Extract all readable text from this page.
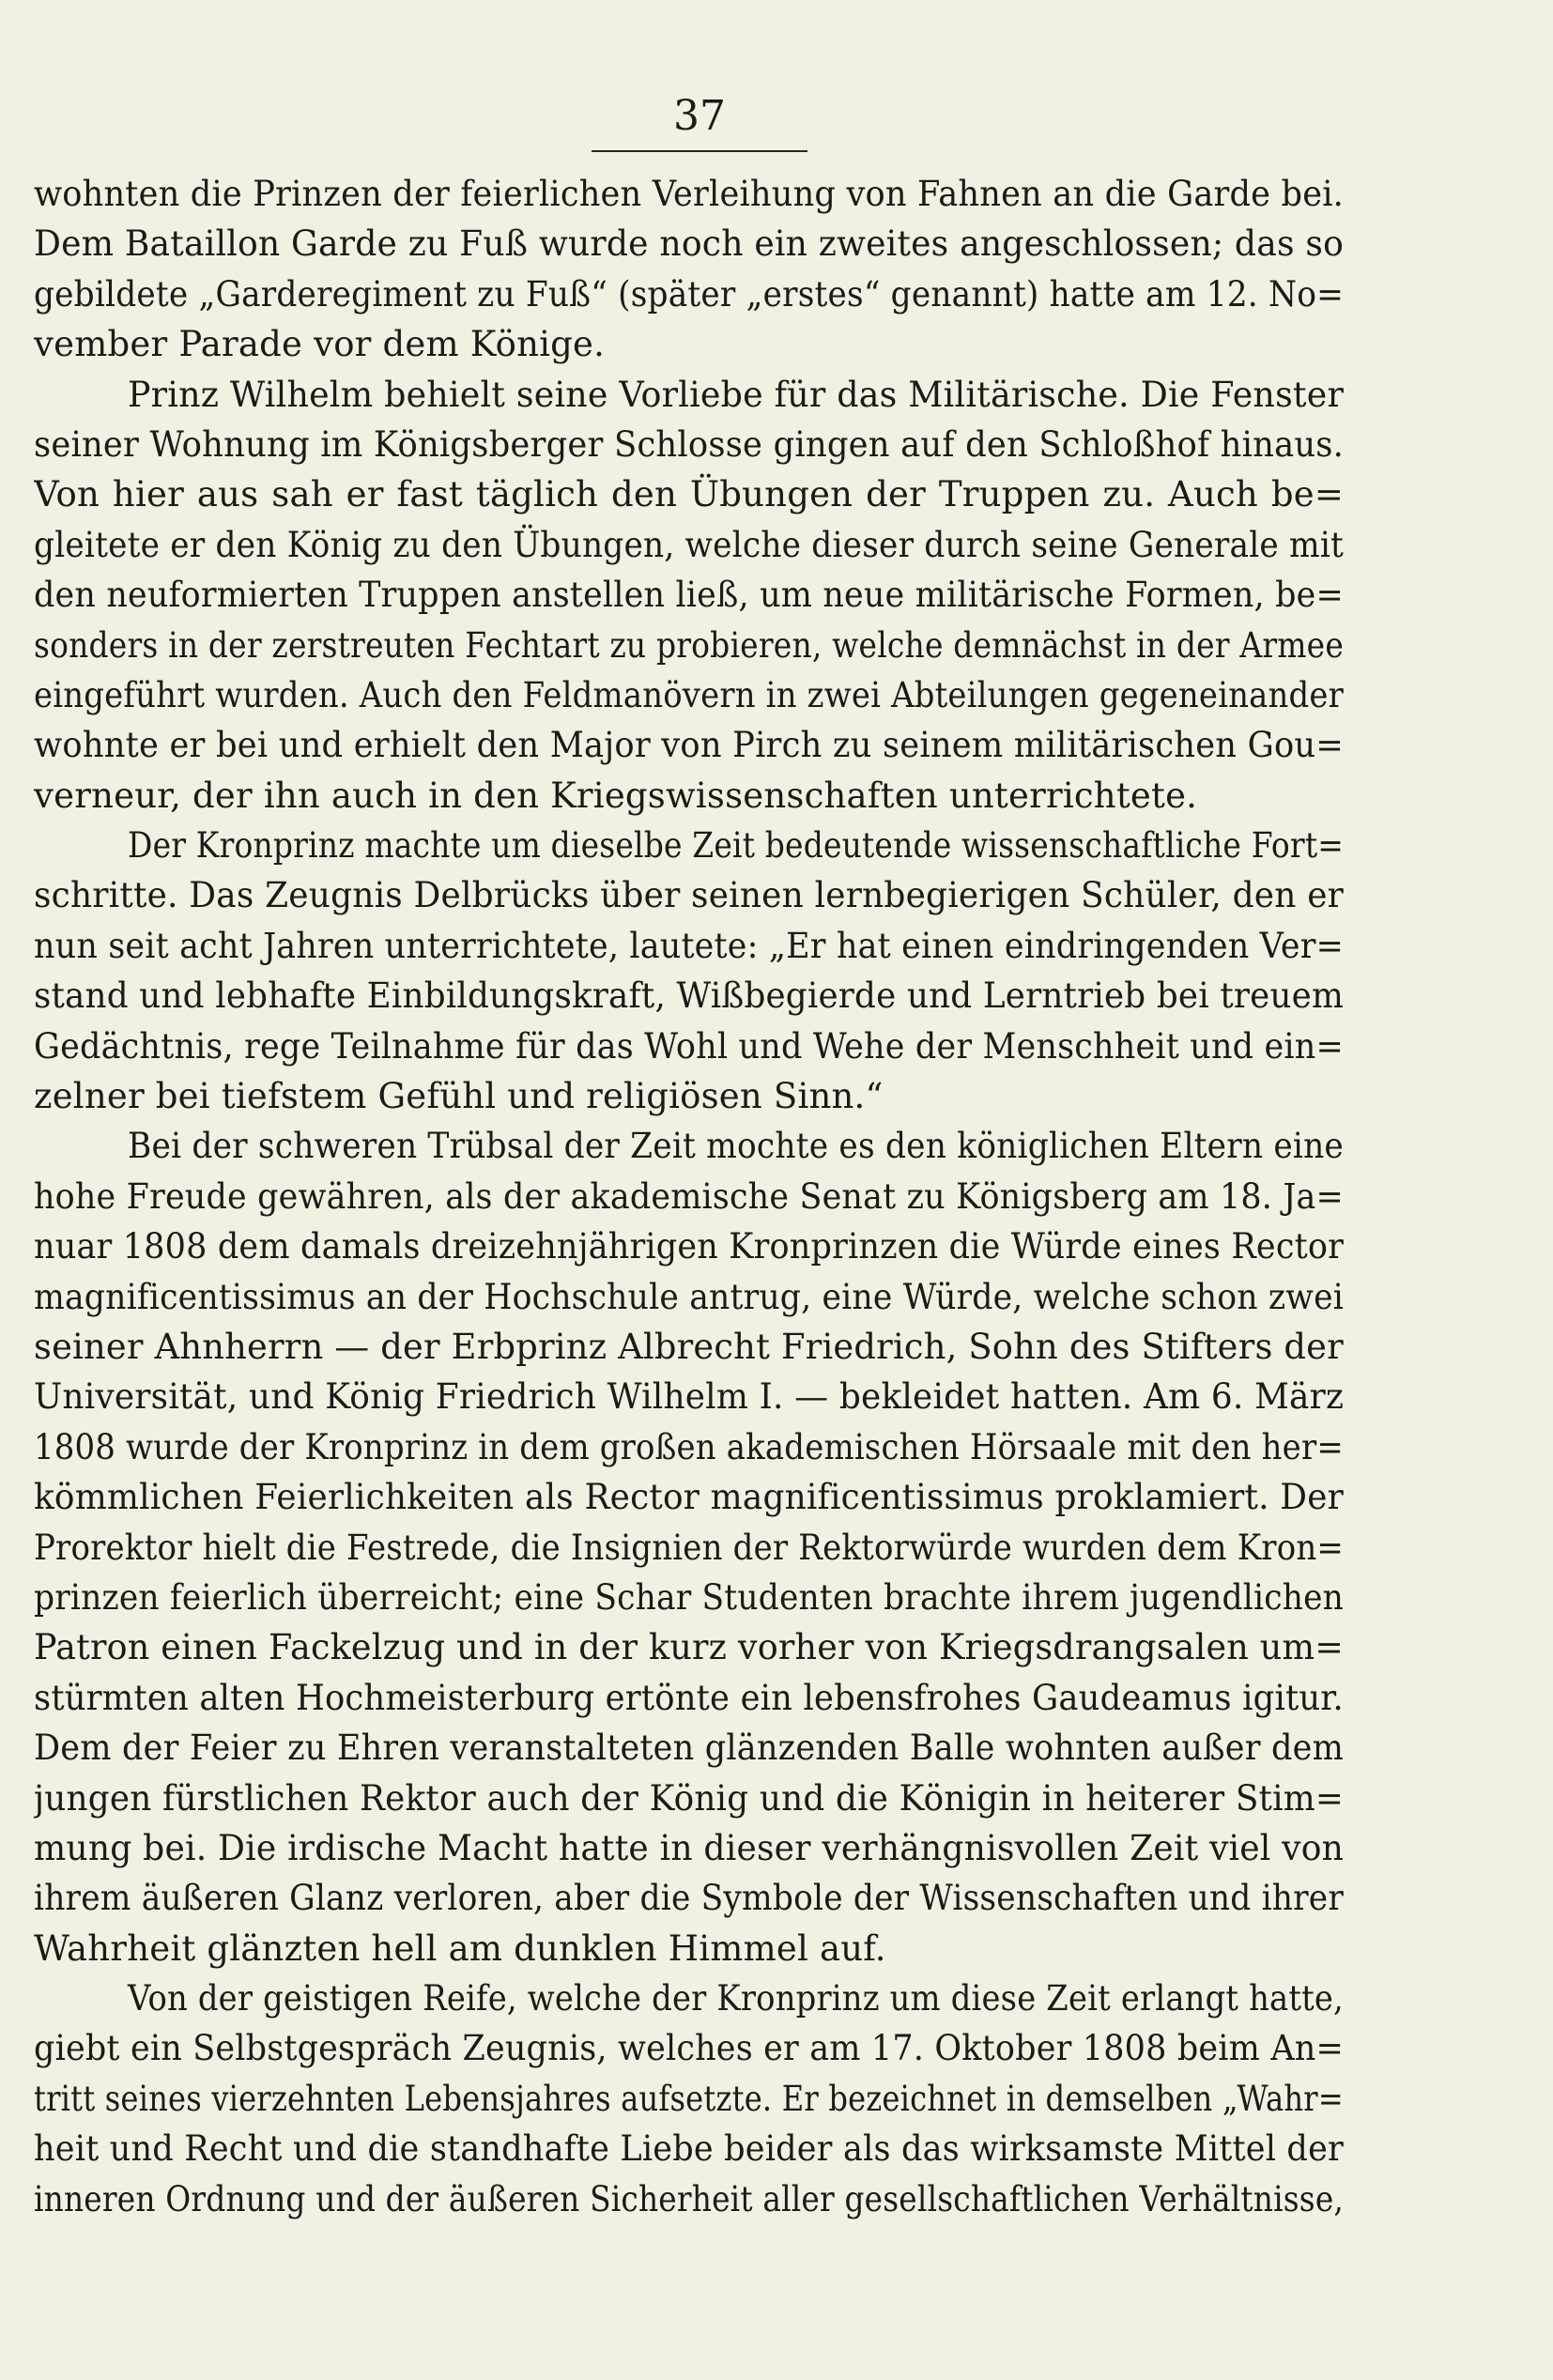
37
wohnten die Prinzen der feierlichen Verleihung von Fahnen an die Garde bei.
Dem Bataillon Garde zu Fuß wurde noch ein zweites angeschlossen; das so
gebildete „Garderegiment zu Fuß“ (später „erstes“ genannt) hatte am 12. No=
vember Parade vor dem Könige.
Prinz Wilhelm behielt seine Vorliebe für das Militärische. Die Fenster
seiner Wohnung im Königsberger Schlosse gingen auf den Schloßhof hinaus.
Von hier aus sah er fast täglich den Übungen der Truppen zu. Auch be=
gleitete er den König zu den Übungen, welche dieser durch seine Generale mit
den neuformierten Truppen anstellen ließ, um neue militärische Formen, be=
sonders in der zerstreuten Fechtart zu probieren, welche demnächst in der Armee
eingeführt wurden. Auch den Feldmanövern in zwei Abteilungen gegeneinander
wohnte er bei und erhielt den Major von Pirch zu seinem militärischen Gou=
verneur, der ihn auch in den Kriegswissenschaften unterrichtete.
Der Kronprinz machte um dieselbe Zeit bedeutende wissenschaftliche Fort=
schritte. Das Zeugnis Delbrücks über seinen lernbegierigen Schüler, den er
nun seit acht Jahren unterrichtete, lautete: „Er hat einen eindringenden Ver=
stand und lebhafte Einbildungskraft, Wißbegierde und Lerntrieb bei treuem
Gedächtnis, rege Teilnahme für das Wohl und Wehe der Menschheit und ein=
zelner bei tiefstem Gefühl und religiösen Sinn.“
Bei der schweren Trübsal der Zeit mochte es den königlichen Eltern eine
hohe Freude gewähren, als der akademische Senat zu Königsberg am 18. Ja=
nuar 1808 dem damals dreizehnjährigen Kronprinzen die Würde eines Rector
magnificentissimus an der Hochschule antrug, eine Würde, welche schon zwei
seiner Ahnherrn — der Erbprinz Albrecht Friedrich, Sohn des Stifters der
Universität, und König Friedrich Wilhelm I. — bekleidet hatten. Am 6. März
1808 wurde der Kronprinz in dem großen akademischen Hörsaale mit den her=
kömmlichen Feierlichkeiten als Rector magnificentissimus proklamiert. Der
Prorektor hielt die Festrede, die Insignien der Rektorwürde wurden dem Kron=
prinzen feierlich überreicht; eine Schar Studenten brachte ihrem jugendlichen
Patron einen Fackelzug und in der kurz vorher von Kriegsdrangsalen um=
stürmten alten Hochmeisterburg ertönte ein lebensfrohes Gaudeamus igitur.
Dem der Feier zu Ehren veranstalteten glänzenden Balle wohnten außer dem
jungen fürstlichen Rektor auch der König und die Königin in heiterer Stim=
mung bei. Die irdische Macht hatte in dieser verhängnisvollen Zeit viel von
ihrem äußeren Glanz verloren, aber die Symbole der Wissenschaften und ihrer
Wahrheit glänzten hell am dunklen Himmel auf.
Von der geistigen Reife, welche der Kronprinz um diese Zeit erlangt hatte,
giebt ein Selbstgespräch Zeugnis, welches er am 17. Oktober 1808 beim An=
tritt seines vierzehnten Lebensjahres aufsetzte. Er bezeichnet in demselben „Wahr=
heit und Recht und die standhafte Liebe beider als das wirksamste Mittel der
inneren Ordnung und der äußeren Sicherheit aller gesellschaftlichen Verhältnisse,
